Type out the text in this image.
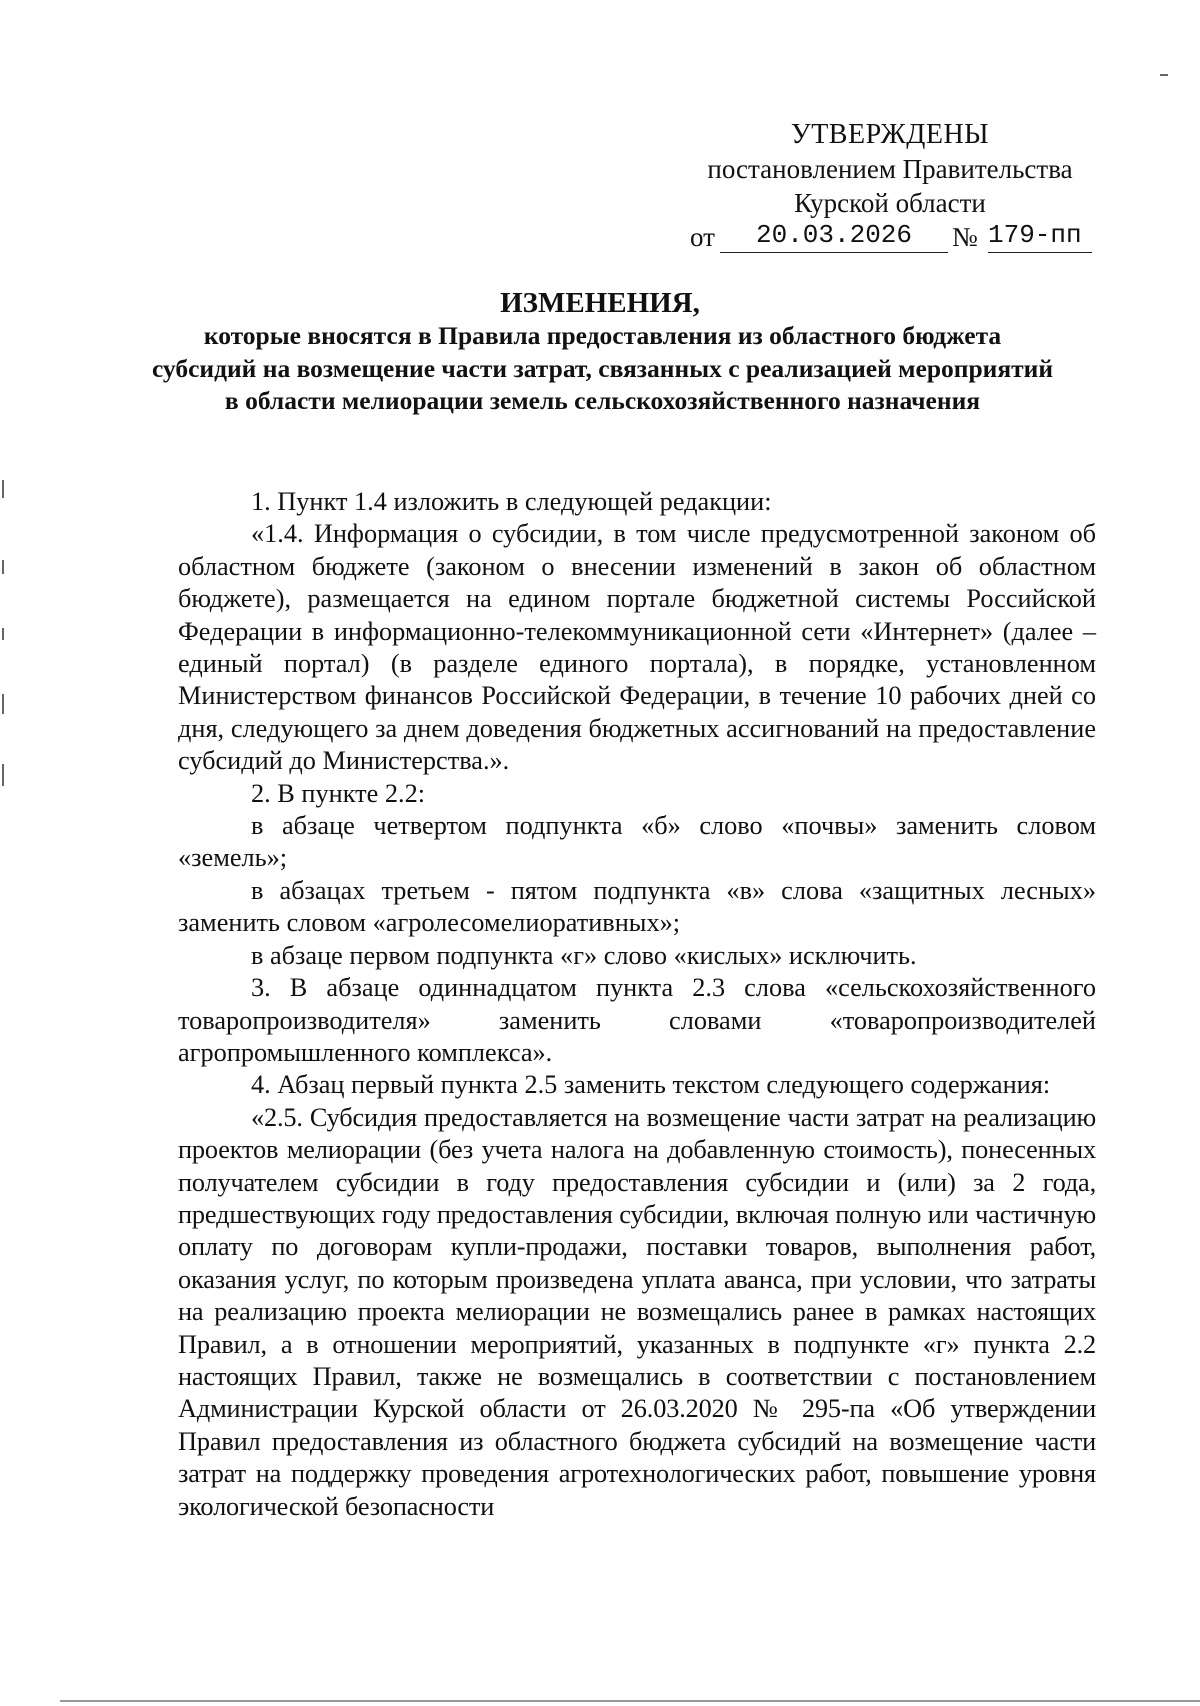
УТВЕРЖДЕНЫ
постановлением Правительства
Курской области
от	20.03.2026	№ 179-пп
ИЗМЕНЕНИЯ,
которые вносятся в Правила предоставления из областного бюджета субсидий на возмещение части затрат, связанных с реализацией мероприятий в области мелиорации земель сельскохозяйственного назначения

1. Пункт 1.4 изложить в следующей редакции:

«1.4. Информация о субсидии, в том числе предусмотренной законом об областном бюджете (законом о внесении изменений в закон об областном бюджете), размещается на едином портале бюджетной системы Российской Федерации в информационно-телекоммуникационной сети «Интернет» (далее – единый портал) (в разделе единого портала), в порядке, установленном Министерством финансов Российской Федерации, в течение 10 рабочих дней со дня, следующего за днем доведения бюджетных ассигнований на предоставление субсидий до Министерства.».

2. В пункте 2.2:

в абзаце четвертом подпункта «б» слово «почвы» заменить словом «земель»;

в абзацах третьем - пятом подпункта «в» слова «защитных лесных» заменить словом «агролесомелиоративных»;

в абзаце первом подпункта «г» слово «кислых» исключить.

3. В абзаце одиннадцатом пункта 2.3 слова «сельскохозяйственного товаропроизводителя» заменить словами «товаропроизводителей агропромышленного комплекса».

4. Абзац первый пункта 2.5 заменить текстом следующего содержания:

«2.5. Субсидия предоставляется на возмещение части затрат на реализацию проектов мелиорации (без учета налога на добавленную стоимость), понесенных получателем субсидии в году предоставления субсидии и (или) за 2 года, предшествующих году предоставления субсидии, включая полную или частичную оплату по договорам купли-продажи, поставки товаров, выполнения работ, оказания услуг, по которым произведена уплата аванса, при условии, что затраты на реализацию проекта мелиорации не возмещались ранее в рамках настоящих Правил, а в отношении мероприятий, указанных в подпункте «г» пункта 2.2 настоящих Правил, также не возмещались в соответствии с постановлением Администрации Курской области от 26.03.2020 № 295-па «Об утверждении Правил предоставления из областного бюджета субсидий на возмещение части затрат на поддержку проведения агротехнологических работ, повышение уровня экологической безопасности
